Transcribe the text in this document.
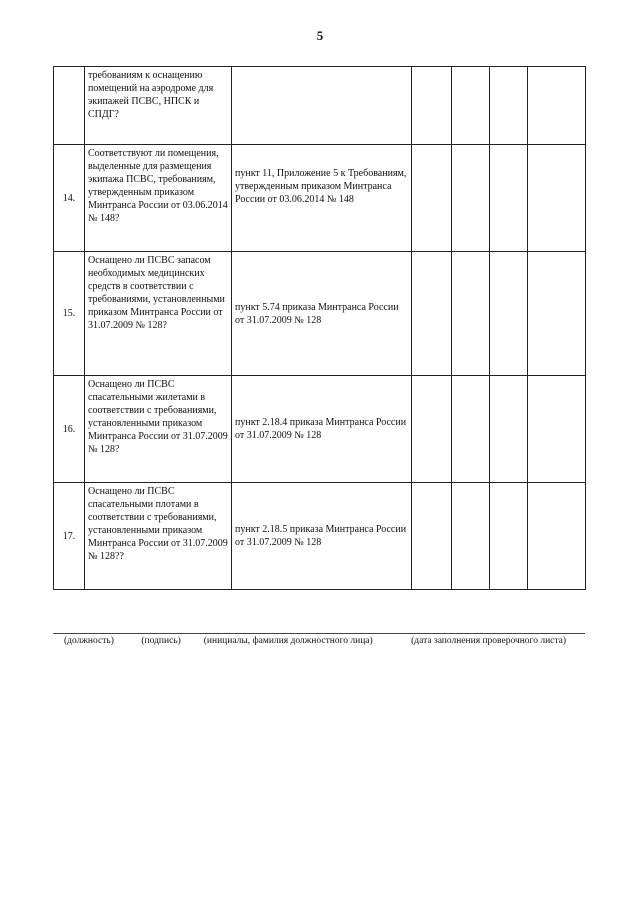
5
	требованиям к оснащению помещений на аэродроме для экипажей ПСВС, НПСК и СПДГ?					
14.	Соответствуют ли помещения, выделенные для размещения экипажа ПСВС, требованиям, утвержденным приказом Минтранса России от 03.06.2014 № 148?	пункт 11, Приложение 5 к Требованиям, утвержденным приказом Минтранса России от 03.06.2014 № 148				
15.	Оснащено ли ПСВС запасом необходимых медицинских средств в соответствии с требованиями, установленными приказом Минтранса России от 31.07.2009 № 128?	пункт 5.74 приказа Минтранса России от 31.07.2009 № 128				
16.	Оснащено ли ПСВС спасательными жилетами в соответствии с требованиями, установленными приказом Минтранса России от 31.07.2009 № 128?	пункт 2.18.4 приказа Минтранса России от 31.07.2009 № 128				
17.	Оснащено ли ПСВС спасательными плотами в соответствии с требованиями, установленными приказом Минтранса России от 31.07.2009 № 128??	пункт 2.18.5 приказа Минтранса России от 31.07.2009 № 128				
(должность)	(подпись) (инициалы, фамилия должностного лица)	(дата заполнения проверочного листа)
